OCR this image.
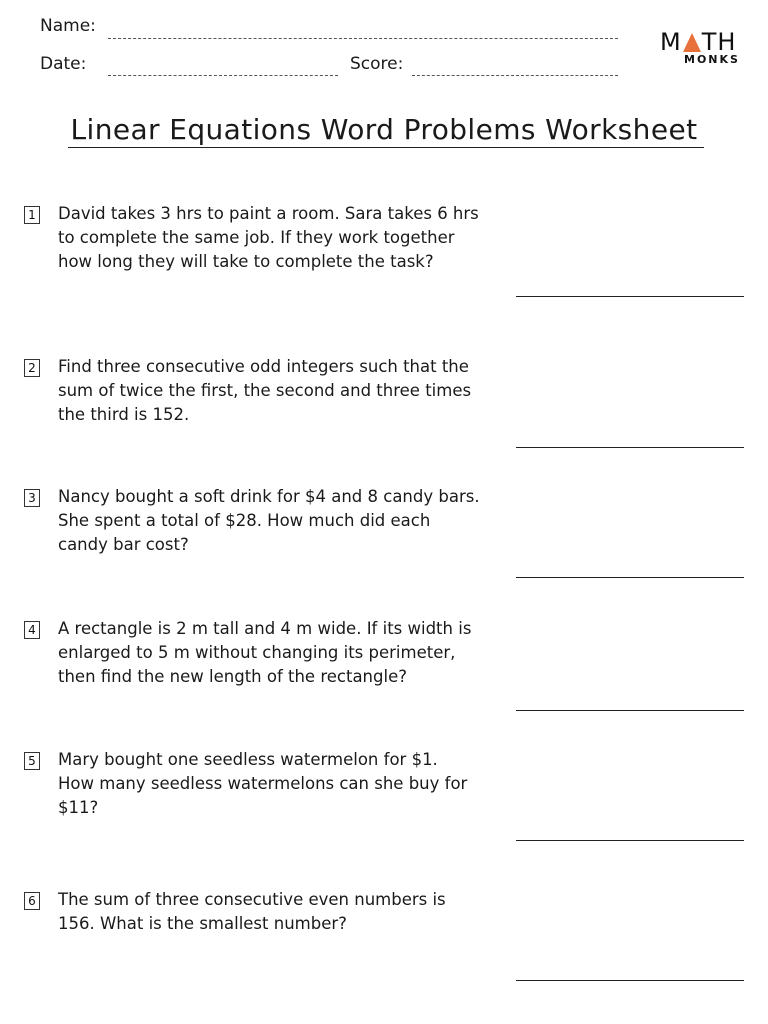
Name:
Date:	Score:
M TH
MONKS
Linear Equations Word Problems Worksheet
1 David takes 3 hrs to paint a room. Sara takes 6 hrs
to complete the same job. If they work together
how long they will take to complete the task?
2 Find three consecutive odd integers such that the
sum of twice the first, the second and three times
the third is 152.
3 Nancy bought a soft drink for $4 and 8 candy bars.
She spent a total of $28. How much did each
candy bar cost?
4 A rectangle is 2 m tall and 4 m wide. If its width is
enlarged to 5 m without changing its perimeter,
then find the new length of the rectangle?
5 Mary bought one seedless watermelon for $1.
How many seedless watermelons can she buy for
$11?
6 The sum of three consecutive even numbers is
156. What is the smallest number?
